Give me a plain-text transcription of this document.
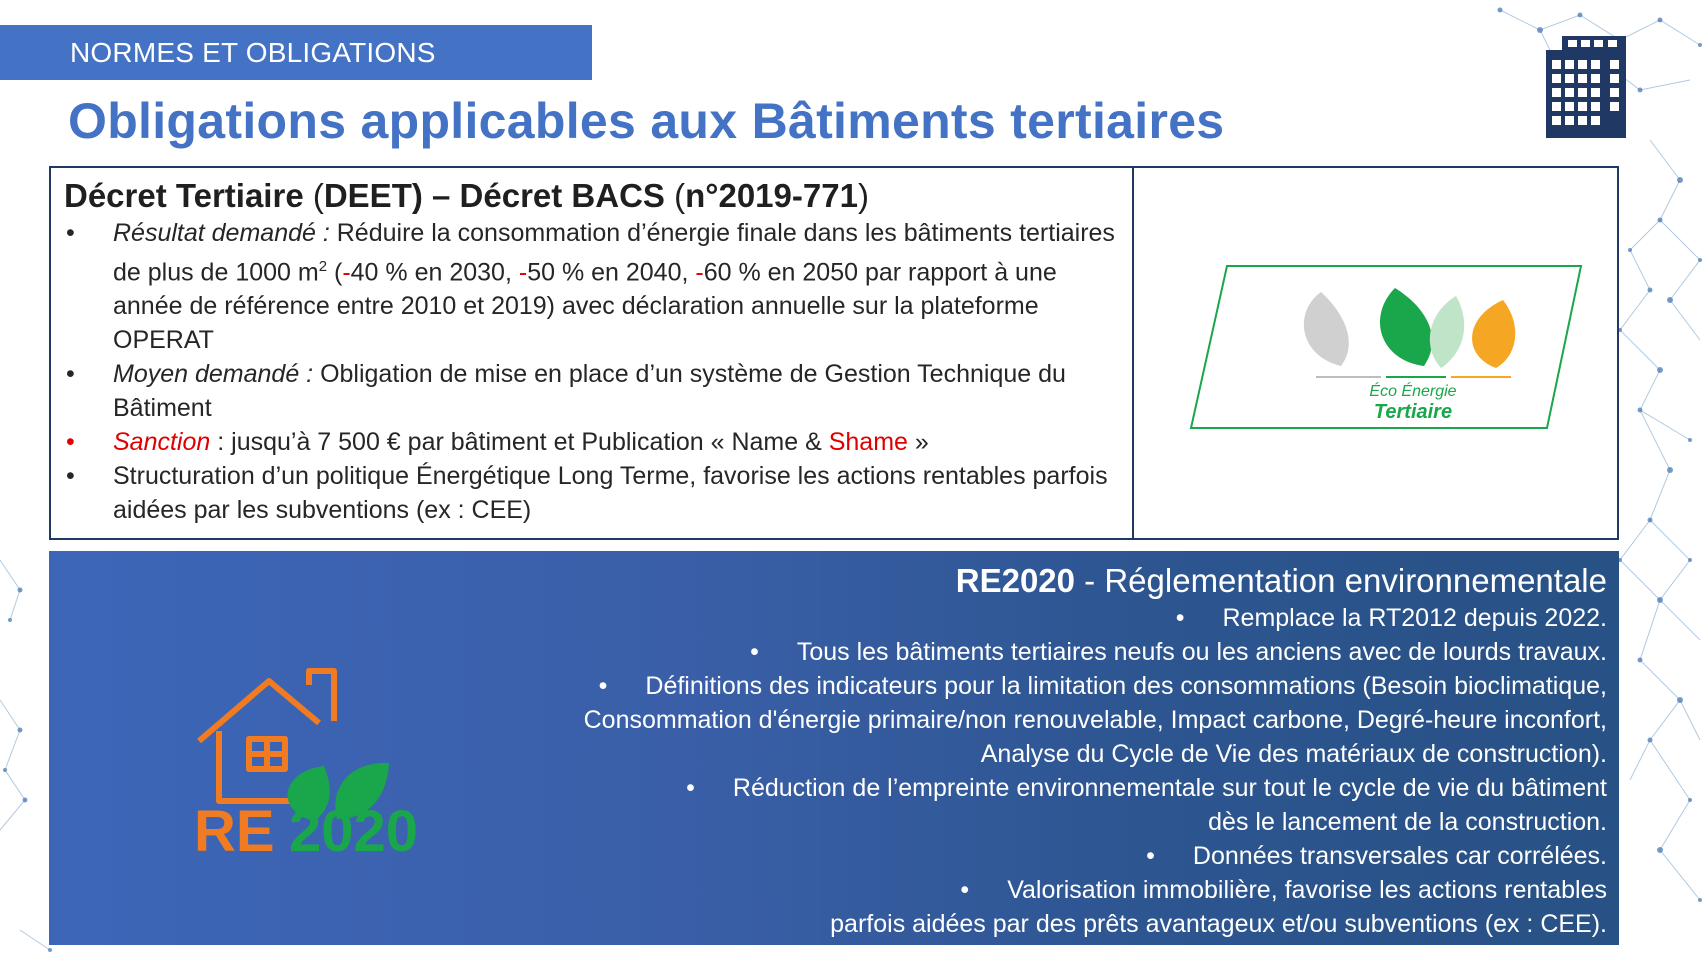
NORMES ET OBLIGATIONS
Obligations applicables aux Bâtiments tertiaires
Décret Tertiaire (DEET) – Décret BACS (n°2019-771)
• Résultat demandé : Réduire la consommation d’énergie finale dans les bâtiments tertiaires de plus de 1000 $m^2$ (-40 % en 2030, -50 % en 2040, -60 % en 2050 par rapport à une année de référence entre 2010 et 2019) avec déclaration annuelle sur la plateforme OPERAT
• Moyen demandé : Obligation de mise en place d’un système de Gestion Technique du Bâtiment
• Sanction : jusqu’à 7 500 € par bâtiment et Publication « Name & Shame »
• Structuration d’un politique Énergétique Long Terme, favorise les actions rentables parfois aidées par les subventions (ex : CEE)
Éco Énergie
Tertiaire
RE 2020
RE2020 - Réglementation environnementale
• Remplace la RT2012 depuis 2022.
• Tous les bâtiments tertiaires neufs ou les anciens avec de lourds travaux.
• Définitions des indicateurs pour la limitation des consommations (Besoin bioclimatique,
Consommation d'énergie primaire/non renouvelable, Impact carbone, Degré-heure inconfort,
Analyse du Cycle de Vie des matériaux de construction).
• Réduction de l’empreinte environnementale sur tout le cycle de vie du bâtiment
dès le lancement de la construction.
• Données transversales car corrélées.
• Valorisation immobilière, favorise les actions rentables
parfois aidées par des prêts avantageux et/ou subventions (ex : CEE).
